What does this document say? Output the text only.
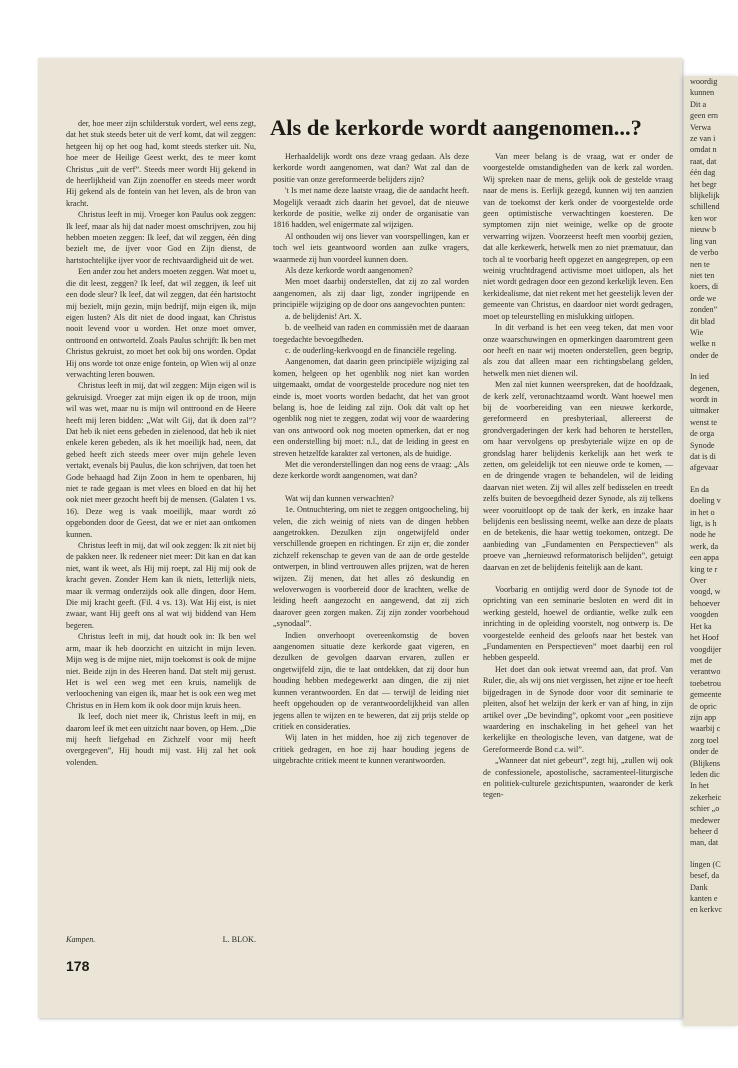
der, hoe meer zijn schilderstuk vordert, wel eens zegt, dat het stuk steeds beter uit de verf komt, dat wil zeggen: hetgeen hij op het oog had, komt steeds sterker uit. Nu, hoe meer de Heilige Geest werkt, des te meer komt Christus „uit de verf”. Steeds meer wordt Hij gekend in de heerlijkheid van Zijn zoenoffer en steeds meer wordt Hij gekend als de fontein van het leven, als de bron van kracht.

Christus leeft in mij. Vroeger kon Paulus ook zeggen: Ik leef, maar als hij dat nader moest omschrijven, zou hij hebben moeten zeggen: Ik leef, dat wil zeggen, één ding bezielt me, de ijver voor God en Zijn dienst, de hartstochtelijke ijver voor de rechtvaardigheid uit de wet.

Een ander zou het anders moeten zeggen. Wat moet u, die dit leest, zeggen? Ik leef, dat wil zeggen, ik leef uit een dode sleur? Ik leef, dat wil zeggen, dat één hartstocht mij bezielt, mijn gezin, mijn bedrijf, mijn eigen ik, mijn eigen lusten? Als dit niet de dood ingaat, kan Christus nooit levend voor u worden. Het onze moet omver, onttroond en ontworteld. Zoals Paulus schrijft: Ik ben met Christus gekruist, zo moet het ook bij ons worden. Opdat Hij ons worde tot onze enige fontein, op Wien wij al onze verwachting leren bouwen.

Christus leeft in mij, dat wil zeggen: Mijn eigen wil is gekruisigd. Vroeger zat mijn eigen ik op de troon, mijn wil was wet, maar nu is mijn wil onttroond en de Heere heeft mij leren bidden: „Wat wilt Gij, dat ik doen zal”? Dat heb ik niet eens gebeden in zielenood, dat heb ik niet enkele keren gebeden, als ik het moeilijk had, neen, dat gebed heeft zich steeds meer over mijn gehele leven vertakt, evenals bij Paulus, die kon schrijven, dat toen het Gode behaagd had Zijn Zoon in hem te openbaren, hij niet te rade gegaan is met vlees en bloed en dat hij het ook niet meer gezocht heeft bij de mensen. (Galaten 1 vs. 16). Deze weg is vaak moeilijk, maar wordt zó opgebonden door de Geest, dat we er niet aan ontkomen kunnen.

Christus leeft in mij, dat wil ook zeggen: Ik zit niet bij de pakken neer. Ik redeneer niet meer: Dit kan en dat kan niet, want ik weet, als Hij mij roept, zal Hij mij ook de kracht geven. Zonder Hem kan ik niets, letterlijk niets, maar ik vermag onderzijds ook alle dingen, door Hem. Die mij kracht geeft. (Fil. 4 vs. 13). Wat Hij eist, is niet zwaar, want Hij geeft ons al wat wij biddend van Hem begeren.

Christus leeft in mij, dat houdt ook in: Ik ben wel arm, maar ik heb doorzicht en uitzicht in mijn leven. Mijn weg is de mijne niet, mijn toekomst is ook de mijne niet. Beide zijn in des Heeren hand. Dat stelt mij gerust. Het is wel een weg met een kruis, namelijk de verloochening van eigen ik, maar het is ook een weg met Christus en in Hem kom ik ook door mijn kruis heen.

Ik leef, doch niet meer ik, Christus leeft in mij, en daarom leef ik met een uitzicht naar boven, op Hem. „Die mij heeft liefgehad en Zichzelf voor mij heeft overgegeven”, Hij houdt mij vast. Hij zal het ook volenden.

Als de kerkorde wordt aangenomen...?

Herhaaldelijk wordt ons deze vraag gedaan. Als deze kerkorde wordt aangenomen, wat dan? Wat zal dan de positie van onze gereformeerde belijders zijn?

't Is met name deze laatste vraag, die de aandacht heeft. Mogelijk veraadt zich daarin het gevoel, dat de nieuwe kerkorde de positie, welke zij onder de organisatie van 1816 hadden, wel enigermate zal wijzigen.

Al onthouden wij ons liever van voorspellingen, kan er toch wel iets geantwoord worden aan zulke vragers, waarmede zij hun voordeel kunnen doen.

Als deze kerkorde wordt aangenomen?

Men moet daarbij onderstellen, dat zij zo zal worden aangenomen, als zij daar ligt, zonder ingrijpende en principiële wijziging op de door ons aangevochten punten:

a. de belijdenis! Art. X.

b. de veelheid van raden en commissiën met de daaraan toegedachte bevoegdheden.

c. de ouderling-kerkvoogd en de financiële regeling.

Aangenomen, dat daarin geen principiële wijziging zal komen, helgeen op het ogenblik nog niet kan worden uitgemaakt, omdat de voorgestelde procedure nog niet ten einde is, moet voorts worden bedacht, dat het van groot belang is, hoe de leiding zal zijn. Ook dát valt op het ogenblik nog niet te zeggen, zodat wij voor de waardering van ons antwoord ook nog moeten opmerken, dat er nog een onderstelling bij moet: n.l., dat de leiding in geest en streven hetzelfde karakter zal vertonen, als de huidige.

Met die veronderstellingen dan nog eens de vraag: „Als deze kerkorde wordt aangenomen, wat dan?

Wat wij dan kunnen verwachten?

1e. Ontnuchtering, om niet te zeggen ontgoocheling, bij velen, die zich weinig of niets van de dingen hebben aangetrokken. Dezulken zijn ongetwijfeld onder verschillende groepen en richtingen. Er zijn er, die zonder zichzelf rekenschap te geven van de aan de orde gestelde ontwerpen, in blind vertrouwen alles prijzen, wat de heren wijzen. Zij menen, dat het alles zó deskundig en weloverwogen is voorbereid door de krachten, welke de leiding heeft aangezocht en aangewend, dat zij zich daarover geen zorgen maken. Zij zijn zonder voorbehoud „synodaal”.

Indien onverhoopt overeenkomstig de boven aangenomen situatie deze kerkorde gaat vigeren, en dezulken de gevolgen daarvan ervaren, zullen er ongetwijfeld zijn, die te laat ontdekken, dat zij door hun houding hebben medegewerkt aan dingen, die zij niet kunnen verantwoorden. En dat — terwijl de leiding niet heeft opgehouden op de verantwoordelijkheid van allen jegens allen te wijzen en te beweren, dat zij prijs stelde op critiek en consideraties.

Wij laten in het midden, hoe zij zich tegenover de critiek gedragen, en hoe zij haar houding jegens de uitgebrachte critiek meent te kunnen verantwoorden.

Van meer belang is de vraag, wat er onder de voorgestelde omstandigheden van de kerk zal worden. Wij spreken naar de mens, gelijk ook de gestelde vraag naar de mens is. Eerlijk gezegd, kunnen wij ten aanzien van de toekomst der kerk onder de voorgestelde orde geen optimistische verwachtingen koesteren. De symptomen zijn niet weinige, welke op de groote verwarring wijzen. Voorzeerst heeft men voorbij gezien, dat alle kerkewerk, hetwelk men zo niet præmatuur, dan toch al te voorbarig heeft opgezet en aangegrepen, op een weinig vruchtdragend activisme moet uitlopen, als het niet wordt gedragen door een gezond kerkelijk leven. Een kerkidealisme, dat niet rekent met het geestelijk leven der gemeente van Christus, en daardoor niet wordt gedragen, moet op teleurstelling en mislukking uitlopen.

In dit verband is het een veeg teken, dat men voor onze waarschuwingen en opmerkingen daaromtrent geen oor heeft en naar wij moeten onderstellen, geen begrip, als zou dat alleen maar een richtingsbelang gelden, hetwelk men niet dienen wil.

Men zal niet kunnen weerspreken, dat de hoofdzaak, de kerk zelf, veronachtzaamd wordt. Want hoewel men bij de voorbereiding van een nieuwe kerkorde, gereformeerd en presbyteriaal, allereerst de grondvergaderingen der kerk had behoren te herstellen, om haar vervolgens op presbyteriale wijze en op de grondslag harer belijdenis kerkelijk aan het werk te zetten, om geleidelijk tot een nieuwe orde te komen, — en de dringende vragen te behandelen, wil de leiding daarvan niet weten. Zij wil alles zelf bedisselen en treedt zelfs buiten de bevoegdheid dezer Synode, als zij telkens weer vooruitloopt op de taak der kerk, en inzake haar belijdenis een beslissing neemt, welke aan deze de plaats en de betekenis, die haar wettig toekomen, ontzegt. De aanbieding van „Fundamenten en Perspectieven” als proeve van „hernieuwd reformatorisch belijden”, getuigt daarvan en zet de belijdenis feitelijk aan de kant.

Voorbarig en ontijdig werd door de Synode tot de oprichting van een seminarie besloten en werd dit in werking gesteld, hoewel de ordiantie, welke zulk een inrichting in de opleiding voorstelt, nog ontwerp is. De voorgestelde eenheid des geloofs naar het bestek van „Fundamenten en Perspectieven” moet daarbij een rol hebben gespeeld.

Het doet dan ook ietwat vreemd aan, dat prof. Van Ruler, die, als wij ons niet vergissen, het zijne er toe heeft bijgedragen in de Synode door voor dit seminarie te pleiten, alsof het welzijn der kerk er van af hing, in zijn artikel over „De bevinding”, opkomt voor „een positieve waardering en inschakeling in het geheel van het kerkelijke en theologische leven, van datgene, wat de Gereformeerde Bond c.a. wil”.

„Wanneer dat niet gebeurt”, zegt hij, „zullen wij ook de confessionele, apostolische, sacramenteel-liturgische en politiek-culturele gezichtspunten, waaronder de kerk tegen-

Kampen.	L. BLOK.
178
woordig
kunnen
Dit a
geen ern
Verwa
ze van i
omdat n
raat, dat
één dag
het begr
blijkelijk
schillend
ken wor
nieuw b
ling van
de verbo
nen te
niet ten
koers, di
orde we
zonden”
dit blad
Wie
welke n
onder de
In ied
degenen,
wordt in
uitmaker
wenst te
de orga
Synode
dat is di
afgevaar
En da
doeling v
in het o
ligt, is h
node he
werk, da
een appa
king te r
Over
voogd, w
behoever
voogden
Het ka
het Hoof
voogdijer
met de
verantwo
toebetrou
gemeente
de opric
zijn app
waarbij c
zorg toel
onder de
(Blijkens
leden dic
In het
zekerheic
schier „o
medewer
beheer d
man, dat
lingen (C
besef, da
Dank
kanten e
en kerkvc
